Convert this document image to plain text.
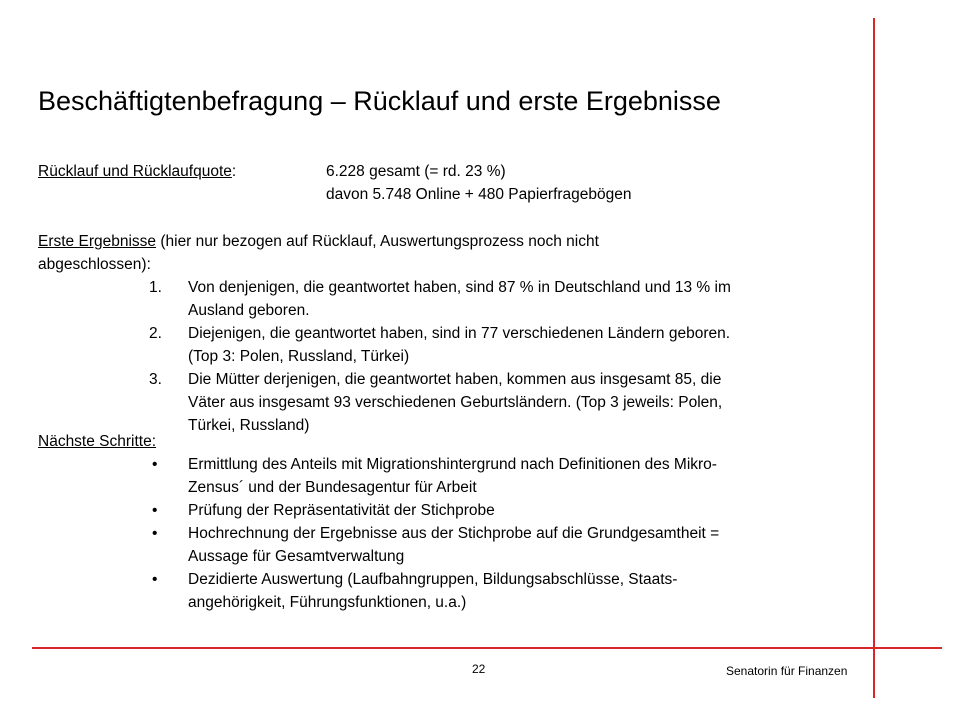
Beschäftigtenbefragung – Rücklauf und erste Ergebnisse
Rücklauf und Rücklaufquote:	6.228 gesamt (= rd. 23 %)
davon 5.748 Online + 480 Papierfragebögen
Erste Ergebnisse (hier nur bezogen auf Rücklauf, Auswertungsprozess noch nicht
abgeschlossen):
1. Von denjenigen, die geantwortet haben, sind 87 % in Deutschland und 13 % im
Ausland geboren.
2. Diejenigen, die geantwortet haben, sind in 77 verschiedenen Ländern geboren.
(Top 3: Polen, Russland, Türkei)
3. Die Mütter derjenigen, die geantwortet haben, kommen aus insgesamt 85, die
Väter aus insgesamt 93 verschiedenen Geburtsländern. (Top 3 jeweils: Polen,
Türkei, Russland)
Nächste Schritte:
• Ermittlung des Anteils mit Migrationshintergrund nach Definitionen des Mikro-
Zensus´ und der Bundesagentur für Arbeit
• Prüfung der Repräsentativität der Stichprobe
• Hochrechnung der Ergebnisse aus der Stichprobe auf die Grundgesamtheit =
Aussage für Gesamtverwaltung
• Dezidierte Auswertung (Laufbahngruppen, Bildungsabschlüsse, Staats-
angehörigkeit, Führungsfunktionen, u.a.)
22	Senatorin für Finanzen
